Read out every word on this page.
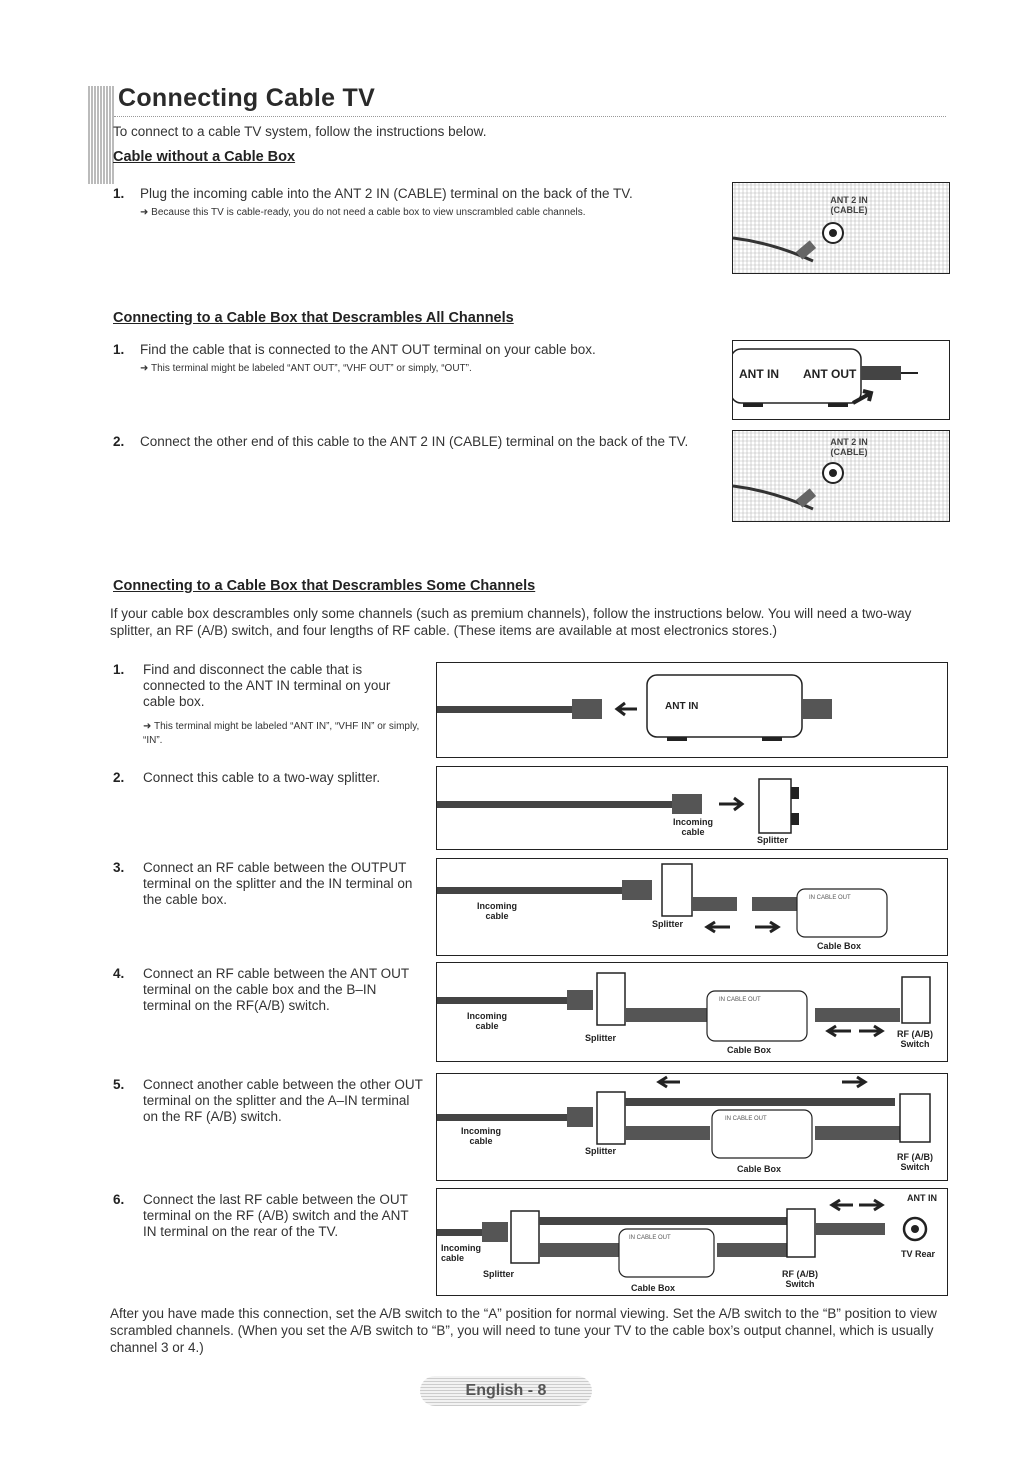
Connecting Cable TV
To connect to a cable TV system, follow the instructions below.
Cable without a Cable Box
1. Plug the incoming cable into the ANT 2 IN (CABLE) terminal on the back of the TV.
➜ Because this TV is cable-ready, you do not need a cable box to view unscrambled cable channels.
ANT 2 IN (CABLE)
Connecting to a Cable Box that Descrambles All Channels
1. Find the cable that is connected to the ANT OUT terminal on your cable box.
➜ This terminal might be labeled “ANT OUT”, “VHF OUT” or simply, “OUT”.	ANT IN ANT OUT
2. Connect the other end of this cable to the ANT 2 IN (CABLE) terminal on the back of the TV.	ANT 2 IN (CABLE)
Connecting to a Cable Box that Descrambles Some Channels
If your cable box descrambles only some channels (such as premium channels), follow the instructions below. You will need a two-way splitter, an RF (A/B) switch, and four lengths of RF cable. (These items are available at most electronics stores.)
1. Find and disconnect the cable that is connected to the ANT IN terminal on your cable box.
➜ This terminal might be labeled “ANT IN”, “VHF IN” or simply, “IN”.
2. Connect this cable to a two-way splitter.
3. Connect an RF cable between the OUTPUT terminal on the splitter and the IN terminal on the cable box.
4. Connect an RF cable between the ANT OUT terminal on the cable box and the B–IN terminal on the RF(A/B) switch.
5. Connect another cable between the other OUT terminal on the splitter and the A–IN terminal on the RF (A/B) switch.
6. Connect the last RF cable between the OUT terminal on the RF (A/B) switch and the ANT IN terminal on the rear of the TV.
ANT IN
Incoming
cable
Splitter
Incoming
cable
Splitter
IN CABLE OUT
Cable Box
Incoming
cable
Splitter
IN CABLE OUT
Cable Box
RF (A/B)
Switch
Incoming
cable
Splitter
IN CABLE OUT
Cable Box
RF (A/B)
Switch
ANT IN
Incoming
cable
Splitter
IN CABLE OUT
Cable Box
RF (A/B)
Switch
TV Rear
After you have made this connection, set the A/B switch to the “A” position for normal viewing. Set the A/B switch to the “B” position to view scrambled channels. (When you set the A/B switch to “B”, you will need to tune your TV to the cable box’s output channel, which is usually channel 3 or 4.)
English - 8
